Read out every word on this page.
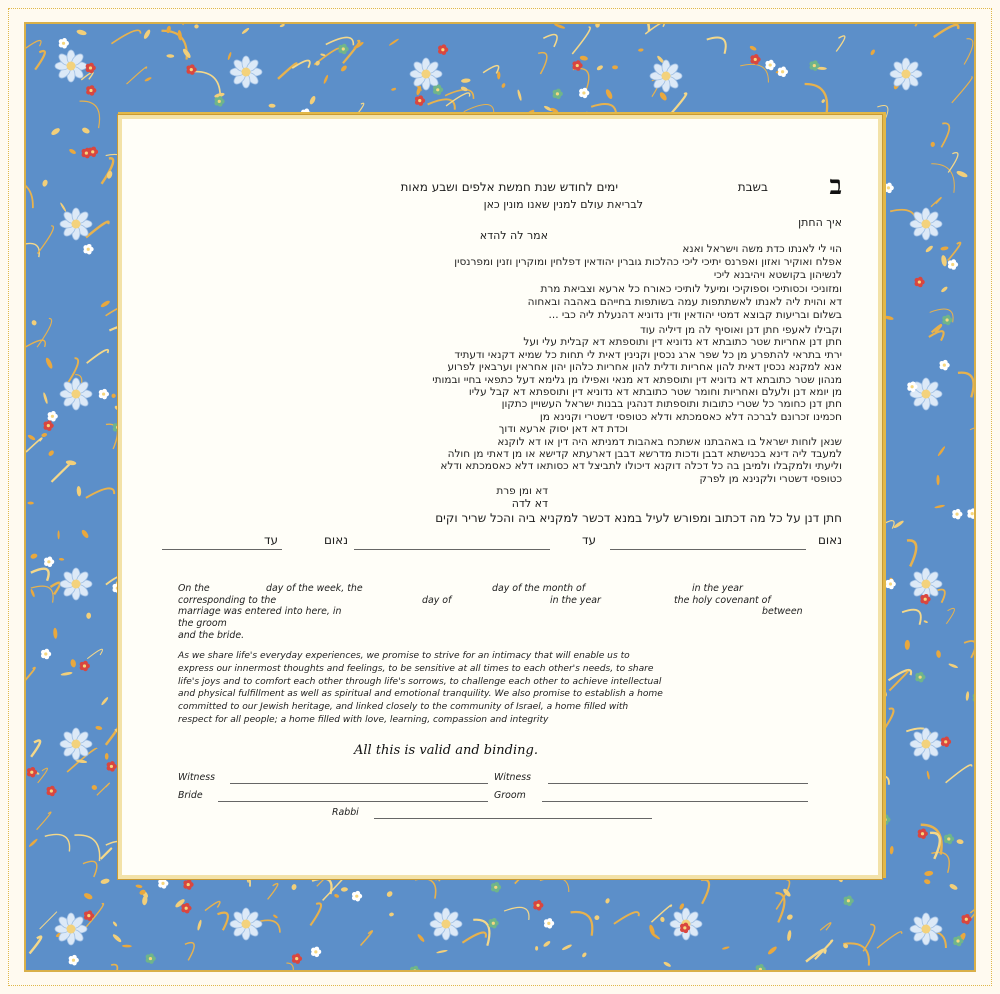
ב
בשבת
ימים לחודש שנת חמשת אלפים ושבע מאות
לבריאת עולם למנין שאנו מונין כאן
איך החתן
אמר לה להדא
הוי לי לאנתו כדת משה וישראל ואנא
אפלח ואוקיר ואזון ואפרנס יתיכי ליכי כהלכות גוברין יהודאין דפלחין ומוקרין וזנין ומפרנסין
לנשיהון בקושטא ויהיבנא ליכי
ומזוניכי וכסותיכי וספוקיכי ומיעל לותיכי כאורח כל ארעא וצביאת מרת
דא והוית ליה לאנתו לאשתתפות עמה בשותפות בחייהם באהבה ובאחוה
בשלום ובריעות קבוצא דמטי יהודאין ודין נדוניא דהנעלת ליה כבי ...
וקבילו לאעפי חתן דנן ואוסיף לה מן דיליה עוד
חתן דנן אחריות שטר כתובתא דא נדוניא דין ותוספתא דא קבלית עלי ועל
ירתי בתראי להתפרע מן כל שפר ארג נכסין וקנינין דאית לי תחות כל שמיא דקנאי ודעתיד
אנא למקנא נכסין דאית להון אחריות ודלית להון אחריות כלהון יהון אחראין וערבאין לפרוע
מנהון שטר כתובתא דא נדוניא דין ותוספתא דא מנאי ואפילו מן גלימא דעל כתפאי בחיי ובמותי
מן יומא דנן ולעלם ואחריות וחומר שטר כתובתא דא נדוניא דין ותוספתא דא קבל עליו
חתן דנן כחומר כל שטרי כתובות ותוספתות דנהגין בבנות ישראל העשויין כתקון
חכמינו זכרונם לברכה דלא כאסמכתא ודלא כטופסי דשטרי וקנינא מן
וכדת דא דאן יסוק ארעא ודוך
שנאן לוחות ישראל בו באהבתנו אשתכח באהבות דמניתא היה דין או דא לוקנא
למעבד ליה דינא בכנישתא דבבן ודכות מדרשא דבבן דארעתא קדישא או מן דאתי מן חולה
וליעתי ולמקבלו ולמיבן בה כל דכלה דוקנא דיכולו לתביצל דא כסותאו דלא כאסמכתא ודלא
כטופסי דשטרי ולקנינא מן לפרק
דא ומן פרת
דא לדה
חתן דנן על כל מה דכתוב ומפורש לעיל במנא דכשר למקניא ביה והכל שריר וקים
נאום
עד
נאום
עד
On the	day of the week, the	day of the month of	in the year
corresponding to the	day of	in the year	the holy covenant of
marriage was entered into here, in	between
the groom
and the bride.
As we share life's everyday experiences, we promise to strive for an intimacy that will enable us to
express our innermost thoughts and feelings, to be sensitive at all times to each other's needs, to share
life's joys and to comfort each other through life's sorrows, to challenge each other to achieve intellectual
and physical fulfillment as well as spiritual and emotional tranquility. We also promise to establish a home
committed to our Jewish heritage, and linked closely to the community of Israel, a home filled with
respect for all people; a home filled with love, learning, compassion and integrity
All this is valid and binding.
Witness	Witness
Bride	Groom
Rabbi
